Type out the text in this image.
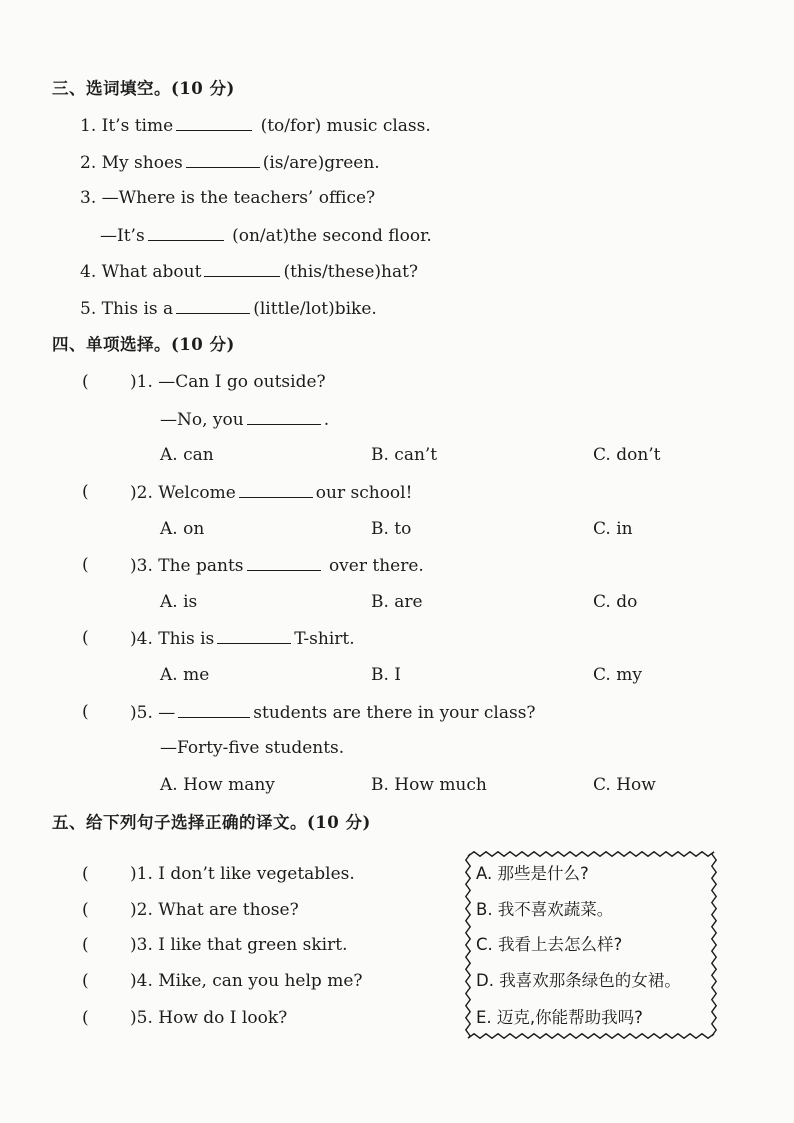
三、选词填空。(10 分)
1. It’s time	(to/for) music class.
2. My shoes	(is/are)green.
3. —Where is the teachers’ office?
—It’s	(on/at)the second floor.
4. What about	(this/these)hat?
5. This is a	(little/lot)bike.
四、单项选择。(10 分)
( )1. —Can I go outside?
—No, you	.
A. can	B. can’t	C. don’t
( )2. Welcome	our school!
A. on	B. to	C. in
( )3. The pants	over there.
A. is	B. are	C. do
( )4. This is	T-shirt.
A. me	B. I	C. my
( )5. —	students are there in your class?
—Forty-five students.
A. How many	B. How much	C. How
五、给下列句子选择正确的译文。(10 分)
( )1. I don’t like vegetables.
( )2. What are those?
( )3. I like that green skirt.
( )4. Mike, can you help me?
( )5. How do I look?
A. 那些是什么?
B. 我不喜欢蔬菜。
C. 我看上去怎么样?
D. 我喜欢那条绿色的女裙。
E. 迈克,你能帮助我吗?
